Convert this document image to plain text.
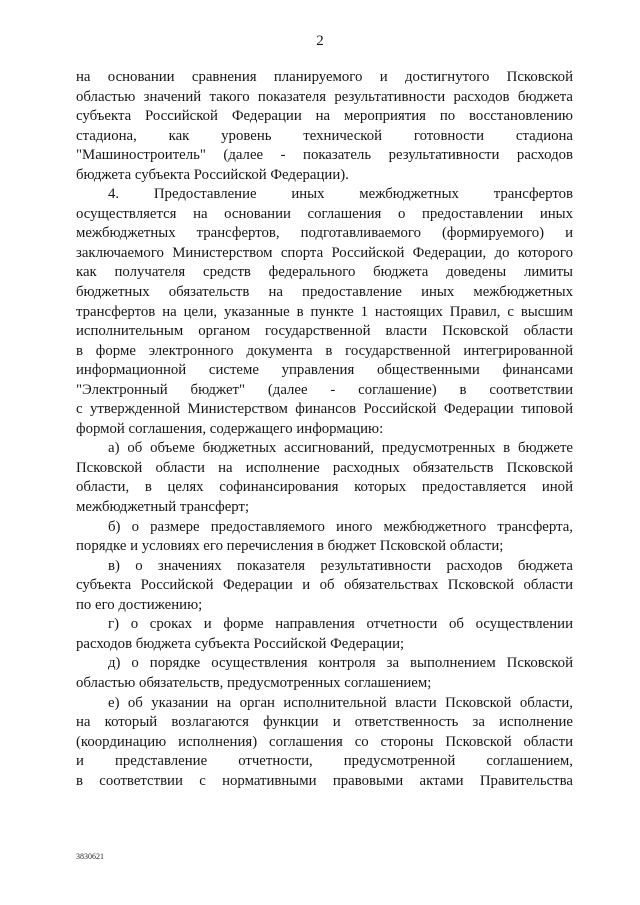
2
на основании сравнения планируемого и достигнутого Псковской
областью значений такого показателя результативности расходов бюджета
субъекта Российской Федерации на мероприятия по восстановлению
стадиона, как уровень технической готовности стадиона
"Машиностроитель" (далее - показатель результативности расходов
бюджета субъекта Российской Федерации).
4. Предоставление иных межбюджетных трансфертов
осуществляется на основании соглашения о предоставлении иных
межбюджетных трансфертов, подготавливаемого (формируемого) и
заключаемого Министерством спорта Российской Федерации, до которого
как получателя средств федерального бюджета доведены лимиты
бюджетных обязательств на предоставление иных межбюджетных
трансфертов на цели, указанные в пункте 1 настоящих Правил, с высшим
исполнительным органом государственной власти Псковской области
в форме электронного документа в государственной интегрированной
информационной системе управления общественными финансами
"Электронный бюджет" (далее - соглашение) в соответствии
с утвержденной Министерством финансов Российской Федерации типовой
формой соглашения, содержащего информацию:
а) об объеме бюджетных ассигнований, предусмотренных в бюджете
Псковской области на исполнение расходных обязательств Псковской
области, в целях софинансирования которых предоставляется иной
межбюджетный трансферт;
б) о размере предоставляемого иного межбюджетного трансферта,
порядке и условиях его перечисления в бюджет Псковской области;
в) о значениях показателя результативности расходов бюджета
субъекта Российской Федерации и об обязательствах Псковской области
по его достижению;
г) о сроках и форме направления отчетности об осуществлении
расходов бюджета субъекта Российской Федерации;
д) о порядке осуществления контроля за выполнением Псковской
областью обязательств, предусмотренных соглашением;
е) об указании на орган исполнительной власти Псковской области,
на который возлагаются функции и ответственность за исполнение
(координацию исполнения) соглашения со стороны Псковской области
и представление отчетности, предусмотренной соглашением,
в соответствии с нормативными правовыми актами Правительства
3830621
